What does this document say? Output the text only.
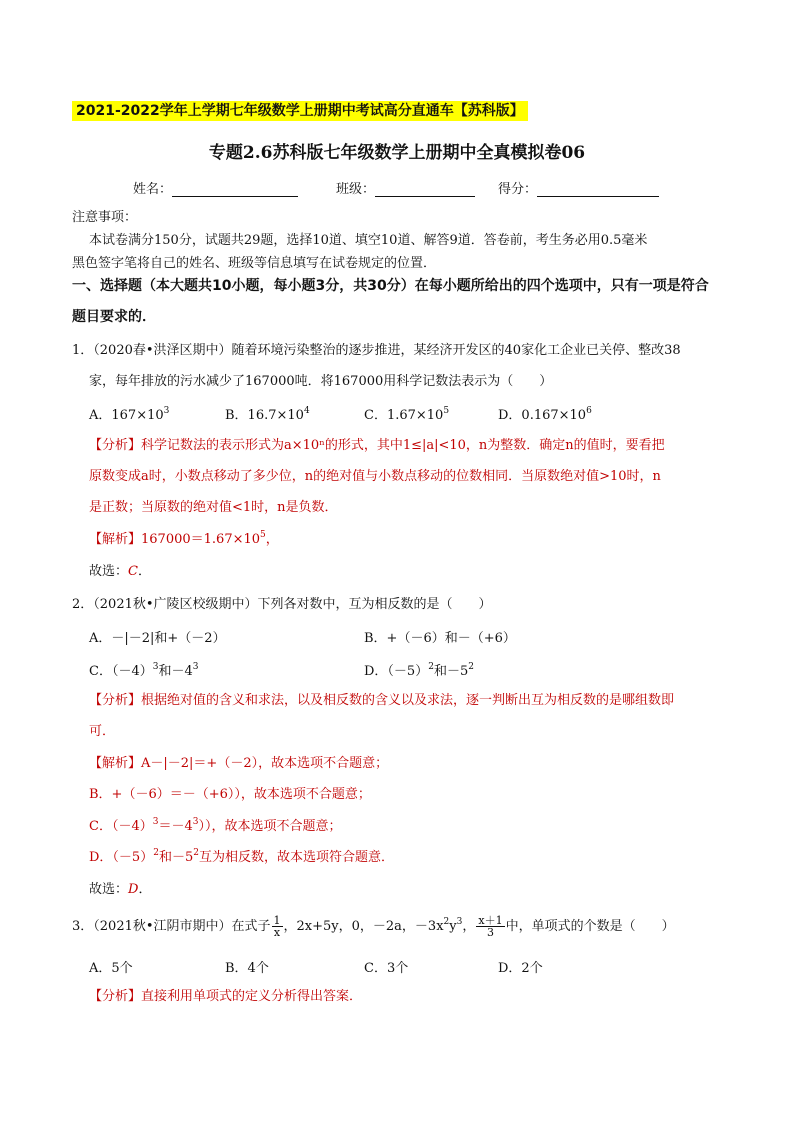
2021-2022学年上学期七年级数学上册期中考试高分直通车【苏科版】
专题2.6苏科版七年级数学上册期中全真模拟卷06
姓名：	班级：	得分：
注意事项：
本试卷满分150分，试题共29题，选择10道、填空10道、解答9道．答卷前，考生务必用0.5毫米
黑色签字笔将自己的姓名、班级等信息填写在试卷规定的位置．
一、选择题（本大题共10小题，每小题3分，共30分）在每小题所给出的四个选项中，只有一项是符合
题目要求的．
1．（2020春•洪泽区期中）随着环境污染整治的逐步推进，某经济开发区的40家化工企业已关停、整改38
家，每年排放的污水减少了167000吨．将167000用科学记数法表示为（　　）
A．$167\times 10^3$	B．$16.7\times 10^4$	C．$1.67\times 10^5$	D．$0.167\times 10^6$
【分析】科学记数法的表示形式为a×10ⁿ的形式，其中1≤|a|<10，n为整数．确定n的值时，要看把
原数变成a时，小数点移动了多少位，n的绝对值与小数点移动的位数相同．当原数绝对值>10时，n
是正数；当原数的绝对值<1时，n是负数．
【解析】$167000=1.67\times 10^5$，
故选：C．
2．（2021秋•广陵区校级期中）下列各对数中，互为相反数的是（　　）
A．－|－2|和+（－2）	B．+（－6）和－（+6）
C．$(-4)^3$和$-4^3$	D．$(-5)^2$和$-5^2$
【分析】根据绝对值的含义和求法，以及相反数的含义以及求法，逐一判断出互为相反数的是哪组数即
可．
【解析】A－|－2|＝+（－2），故本选项不合题意；
B．+（－6）＝－（+6）），故本选项不合题意；
C．$(-4)^3=-4^3$）），故本选项不合题意；
D．$(-5)^2$和$-5^2$互为相反数，故本选项符合题意．
故选：D．
3．（2021秋•江阴市期中）在式子 $\frac{1}{x}$ ，2x+5y，0，－2a，$-3x^2y^3$， $\frac{x+1}{3}$ 中，单项式的个数是（　　）
A．5个	B．4个	C．3个	D．2个
【分析】直接利用单项式的定义分析得出答案．
